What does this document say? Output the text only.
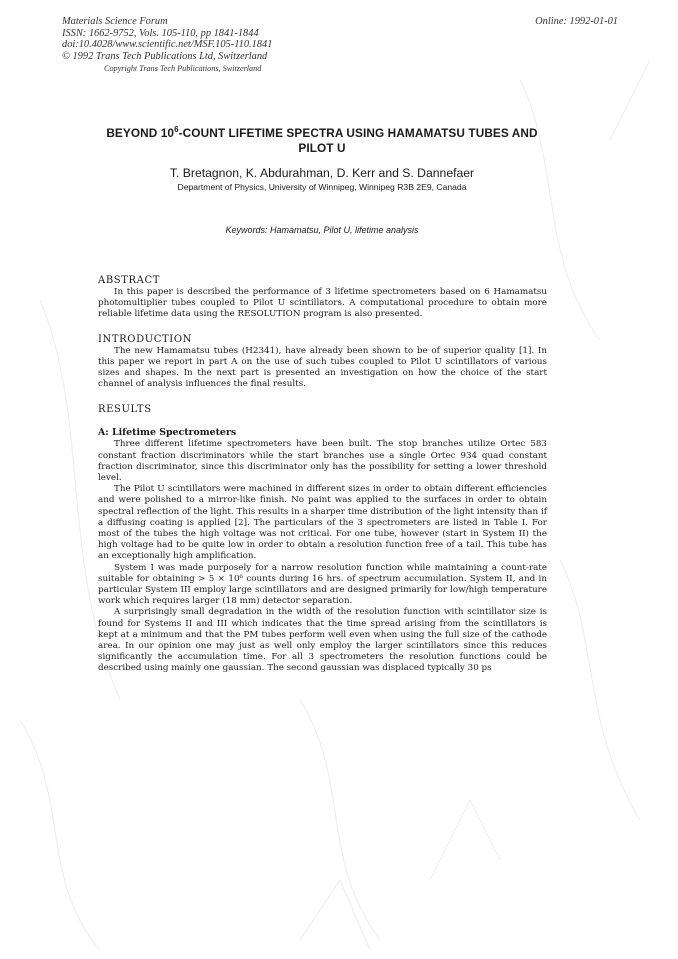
Materials Science Forum
ISSN: 1662-9752, Vols. 105-110, pp 1841-1844
doi:10.4028/www.scientific.net/MSF.105-110.1841
© 1992 Trans Tech Publications Ltd, Switzerland
Copyright Trans Tech Publications, Switzerland
Online: 1992-01-01
BEYOND $10^6$-COUNT LIFETIME SPECTRA USING HAMAMATSU TUBES AND PILOT U
T. Bretagnon, K. Abdurahman, D. Kerr and S. Dannefaer
Department of Physics, University of Winnipeg, Winnipeg R3B 2E9, Canada
Keywords: Hamamatsu, Pilot U, lifetime analysis
ABSTRACT

In this paper is described the performance of 3 lifetime spectrometers based on 6 Hamamatsu photomultiplier tubes coupled to Pilot U scintillators. A computational procedure to obtain more reliable lifetime data using the RESOLUTION program is also presented.

INTRODUCTION

The new Hamamatsu tubes (H2341), have already been shown to be of superior quality [1]. In this paper we report in part A on the use of such tubes coupled to Pilot U scintillators of various sizes and shapes. In the next part is presented an investigation on how the choice of the start channel of analysis influences the final results.

RESULTS
A: Lifetime Spectrometers

Three different lifetime spectrometers have been built. The stop branches utilize Ortec 583 constant fraction discriminators while the start branches use a single Ortec 934 quad constant fraction discriminator, since this discriminator only has the possibility for setting a lower threshold level.

The Pilot U scintillators were machined in different sizes in order to obtain different efficiencies and were polished to a mirror-like finish. No paint was applied to the surfaces in order to obtain spectral reflection of the light. This results in a sharper time distribution of the light intensity than if a diffusing coating is applied [2]. The particulars of the 3 spectrometers are listed in Table I. For most of the tubes the high voltage was not critical. For one tube, however (start in System II) the high voltage had to be quite low in order to obtain a resolution function free of a tail. This tube has an exceptionally high amplification.

System I was made purposely for a narrow resolution function while maintaining a count-rate suitable for obtaining > 5 × 10⁶ counts during 16 hrs. of spectrum accumulation. System II, and in particular System III employ large scintillators and are designed primarily for low/high temperature work which requires larger (18 mm) detector separation.

A surprisingly small degradation in the width of the resolution function with scintillator size is found for Systems II and III which indicates that the time spread arising from the scintillators is kept at a minimum and that the PM tubes perform well even when using the full size of the cathode area. In our opinion one may just as well only employ the larger scintillators since this reduces significantly the accumulation time. For all 3 spectrometers the resolution functions could be described using mainly one gaussian. The second gaussian was displaced typically 30 ps
